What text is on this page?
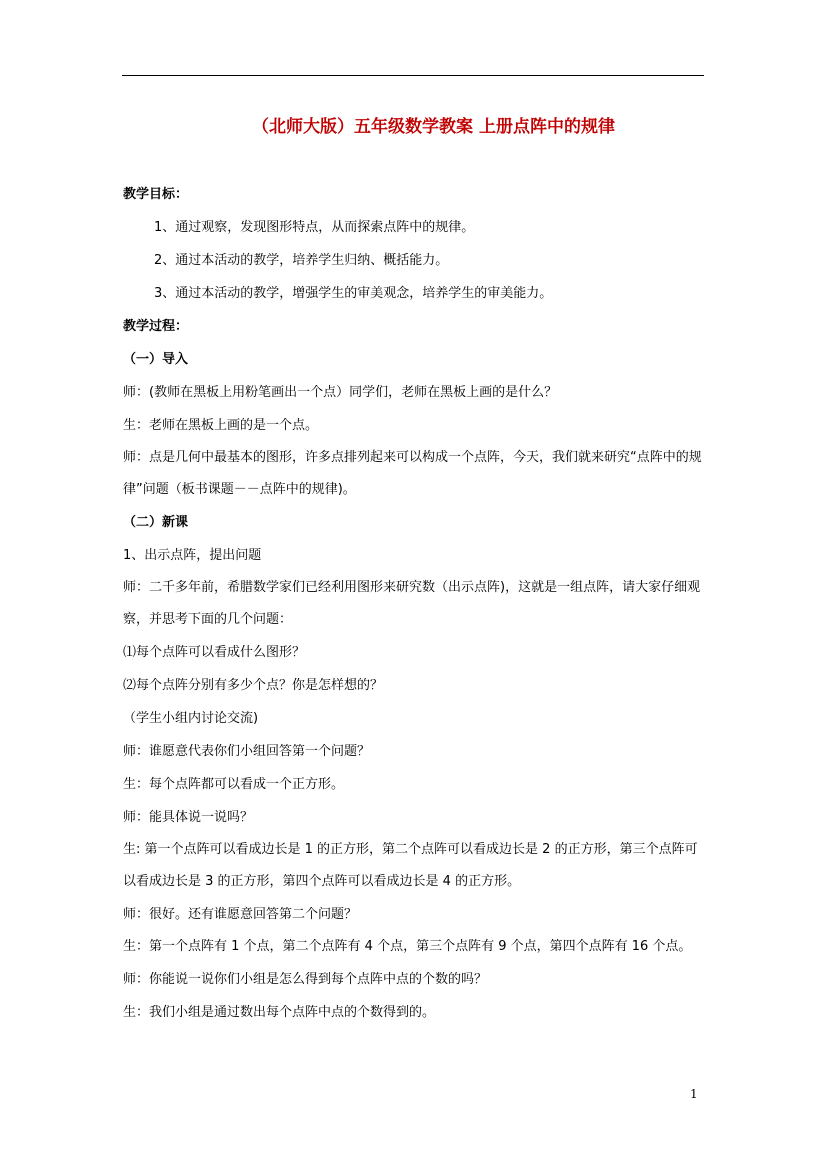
（北师大版）五年级数学教案 上册点阵中的规律
教学目标：
1、通过观察，发现图形特点，从而探索点阵中的规律。
2、通过本活动的教学，培养学生归纳、概括能力。
3、通过本活动的教学，增强学生的审美观念，培养学生的审美能力。
教学过程：
（一）导入
师：(教师在黑板上用粉笔画出一个点）同学们，老师在黑板上画的是什么？
生：老师在黑板上画的是一个点。
师：点是几何中最基本的图形，许多点排列起来可以构成一个点阵，今天，我们就来研究“点阵中的规律”问题（板书课题－－点阵中的规律)。
（二）新课
1、出示点阵，提出问题
师：二千多年前，希腊数学家们已经利用图形来研究数（出示点阵)，这就是一组点阵，请大家仔细观察，并思考下面的几个问题：
⑴每个点阵可以看成什么图形？
⑵每个点阵分别有多少个点？你是怎样想的？
（学生小组内讨论交流)
师：谁愿意代表你们小组回答第一个问题？
生：每个点阵都可以看成一个正方形。
师：能具体说一说吗？
生: 第一个点阵可以看成边长是 1 的正方形，第二个点阵可以看成边长是 2 的正方形，第三个点阵可以看成边长是 3 的正方形，第四个点阵可以看成边长是 4 的正方形。
师：很好。还有谁愿意回答第二个问题？
生：第一个点阵有 1 个点，第二个点阵有 4 个点，第三个点阵有 9 个点，第四个点阵有 16 个点。
师：你能说一说你们小组是怎么得到每个点阵中点的个数的吗？
生：我们小组是通过数出每个点阵中点的个数得到的。
1
